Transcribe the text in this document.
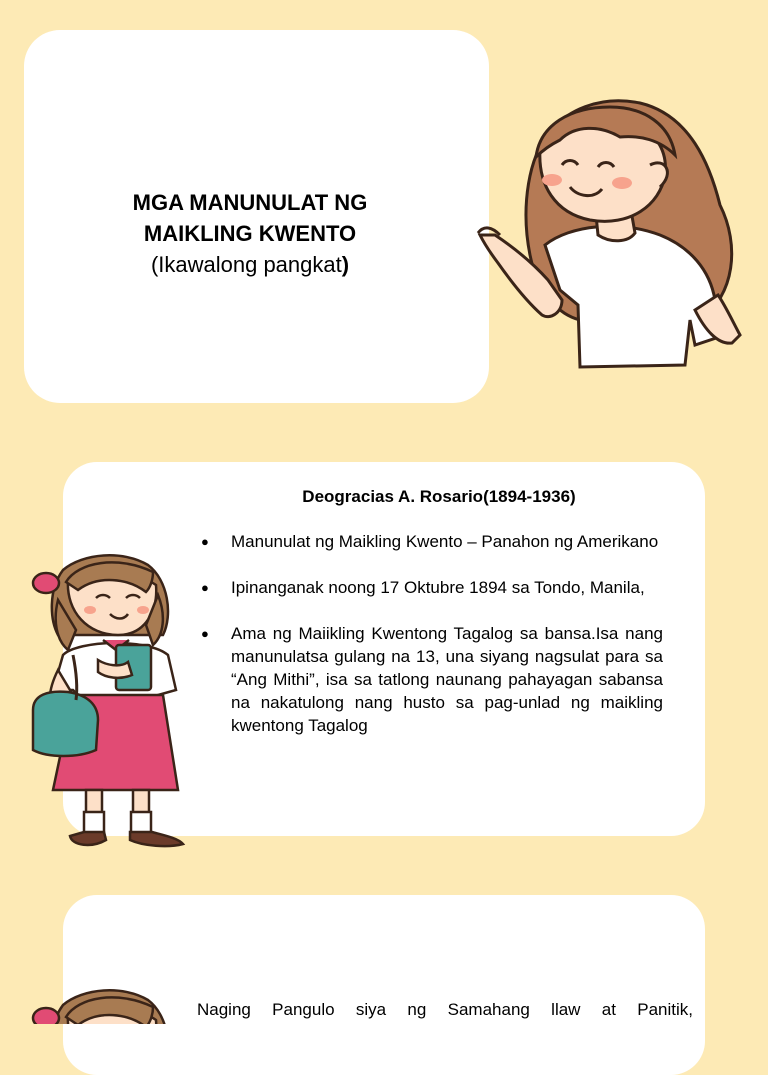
MGA MANUNULAT NG
MAIKLING KWENTO
(Ikawalong pangkat)
Deogracias A. Rosario(1894-1936)
● Manunulat ng Maikling Kwento – Panahon ng Amerikano
● Ipinanganak noong 17 Oktubre 1894 sa Tondo, Manila,
● Ama ng Maiikling Kwentong Tagalog sa bansa.Isa nang manunulatsa gulang na 13, una siyang nagsulat para sa “Ang Mithi”, isa sa tatlong naunang pahayagan sabansa na nakatulong nang husto sa pag-unlad ng maikling kwentong Tagalog
Naging Pangulo siya ng Samahang llaw at Panitik,
